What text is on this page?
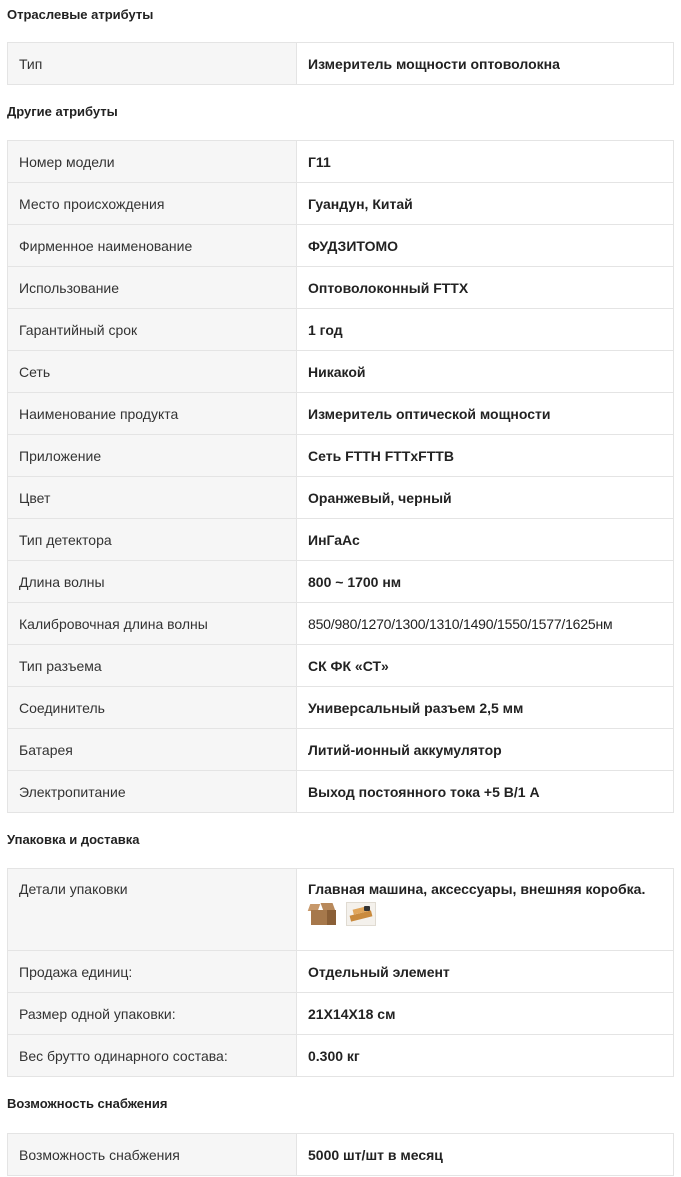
Отраслевые атрибуты
Тип	Измеритель мощности оптоволокна
Другие атрибуты
Номер модели	Г11
Место происхождения	Гуандун, Китай
Фирменное наименование	ФУДЗИТОМО
Использование	Оптоволоконный FTTX
Гарантийный срок	1 год
Сеть	Никакой
Наименование продукта	Измеритель оптической мощности
Приложение	Сеть FTTH FTTxFTTB
Цвет	Оранжевый, черный
Тип детектора	ИнГаАс
Длина волны	800 ~ 1700 нм
Калибровочная длина волны	850/980/1270/1300/1310/1490/1550/1577/1625нм
Тип разъема	СК ФК «СТ»
Соединитель	Универсальный разъем 2,5 мм
Батарея	Литий-ионный аккумулятор
Электропитание	Выход постоянного тока +5 В/1 А
Упаковка и доставка
Детали упаковки	Главная машина, аксессуары, внешняя коробка.

Продажа единиц:	Отдельный элемент
Размер одной упаковки:	21X14X18 см
Вес брутто одинарного состава:	0.300 кг
Возможность снабжения
Возможность снабжения	5000 шт/шт в месяц
